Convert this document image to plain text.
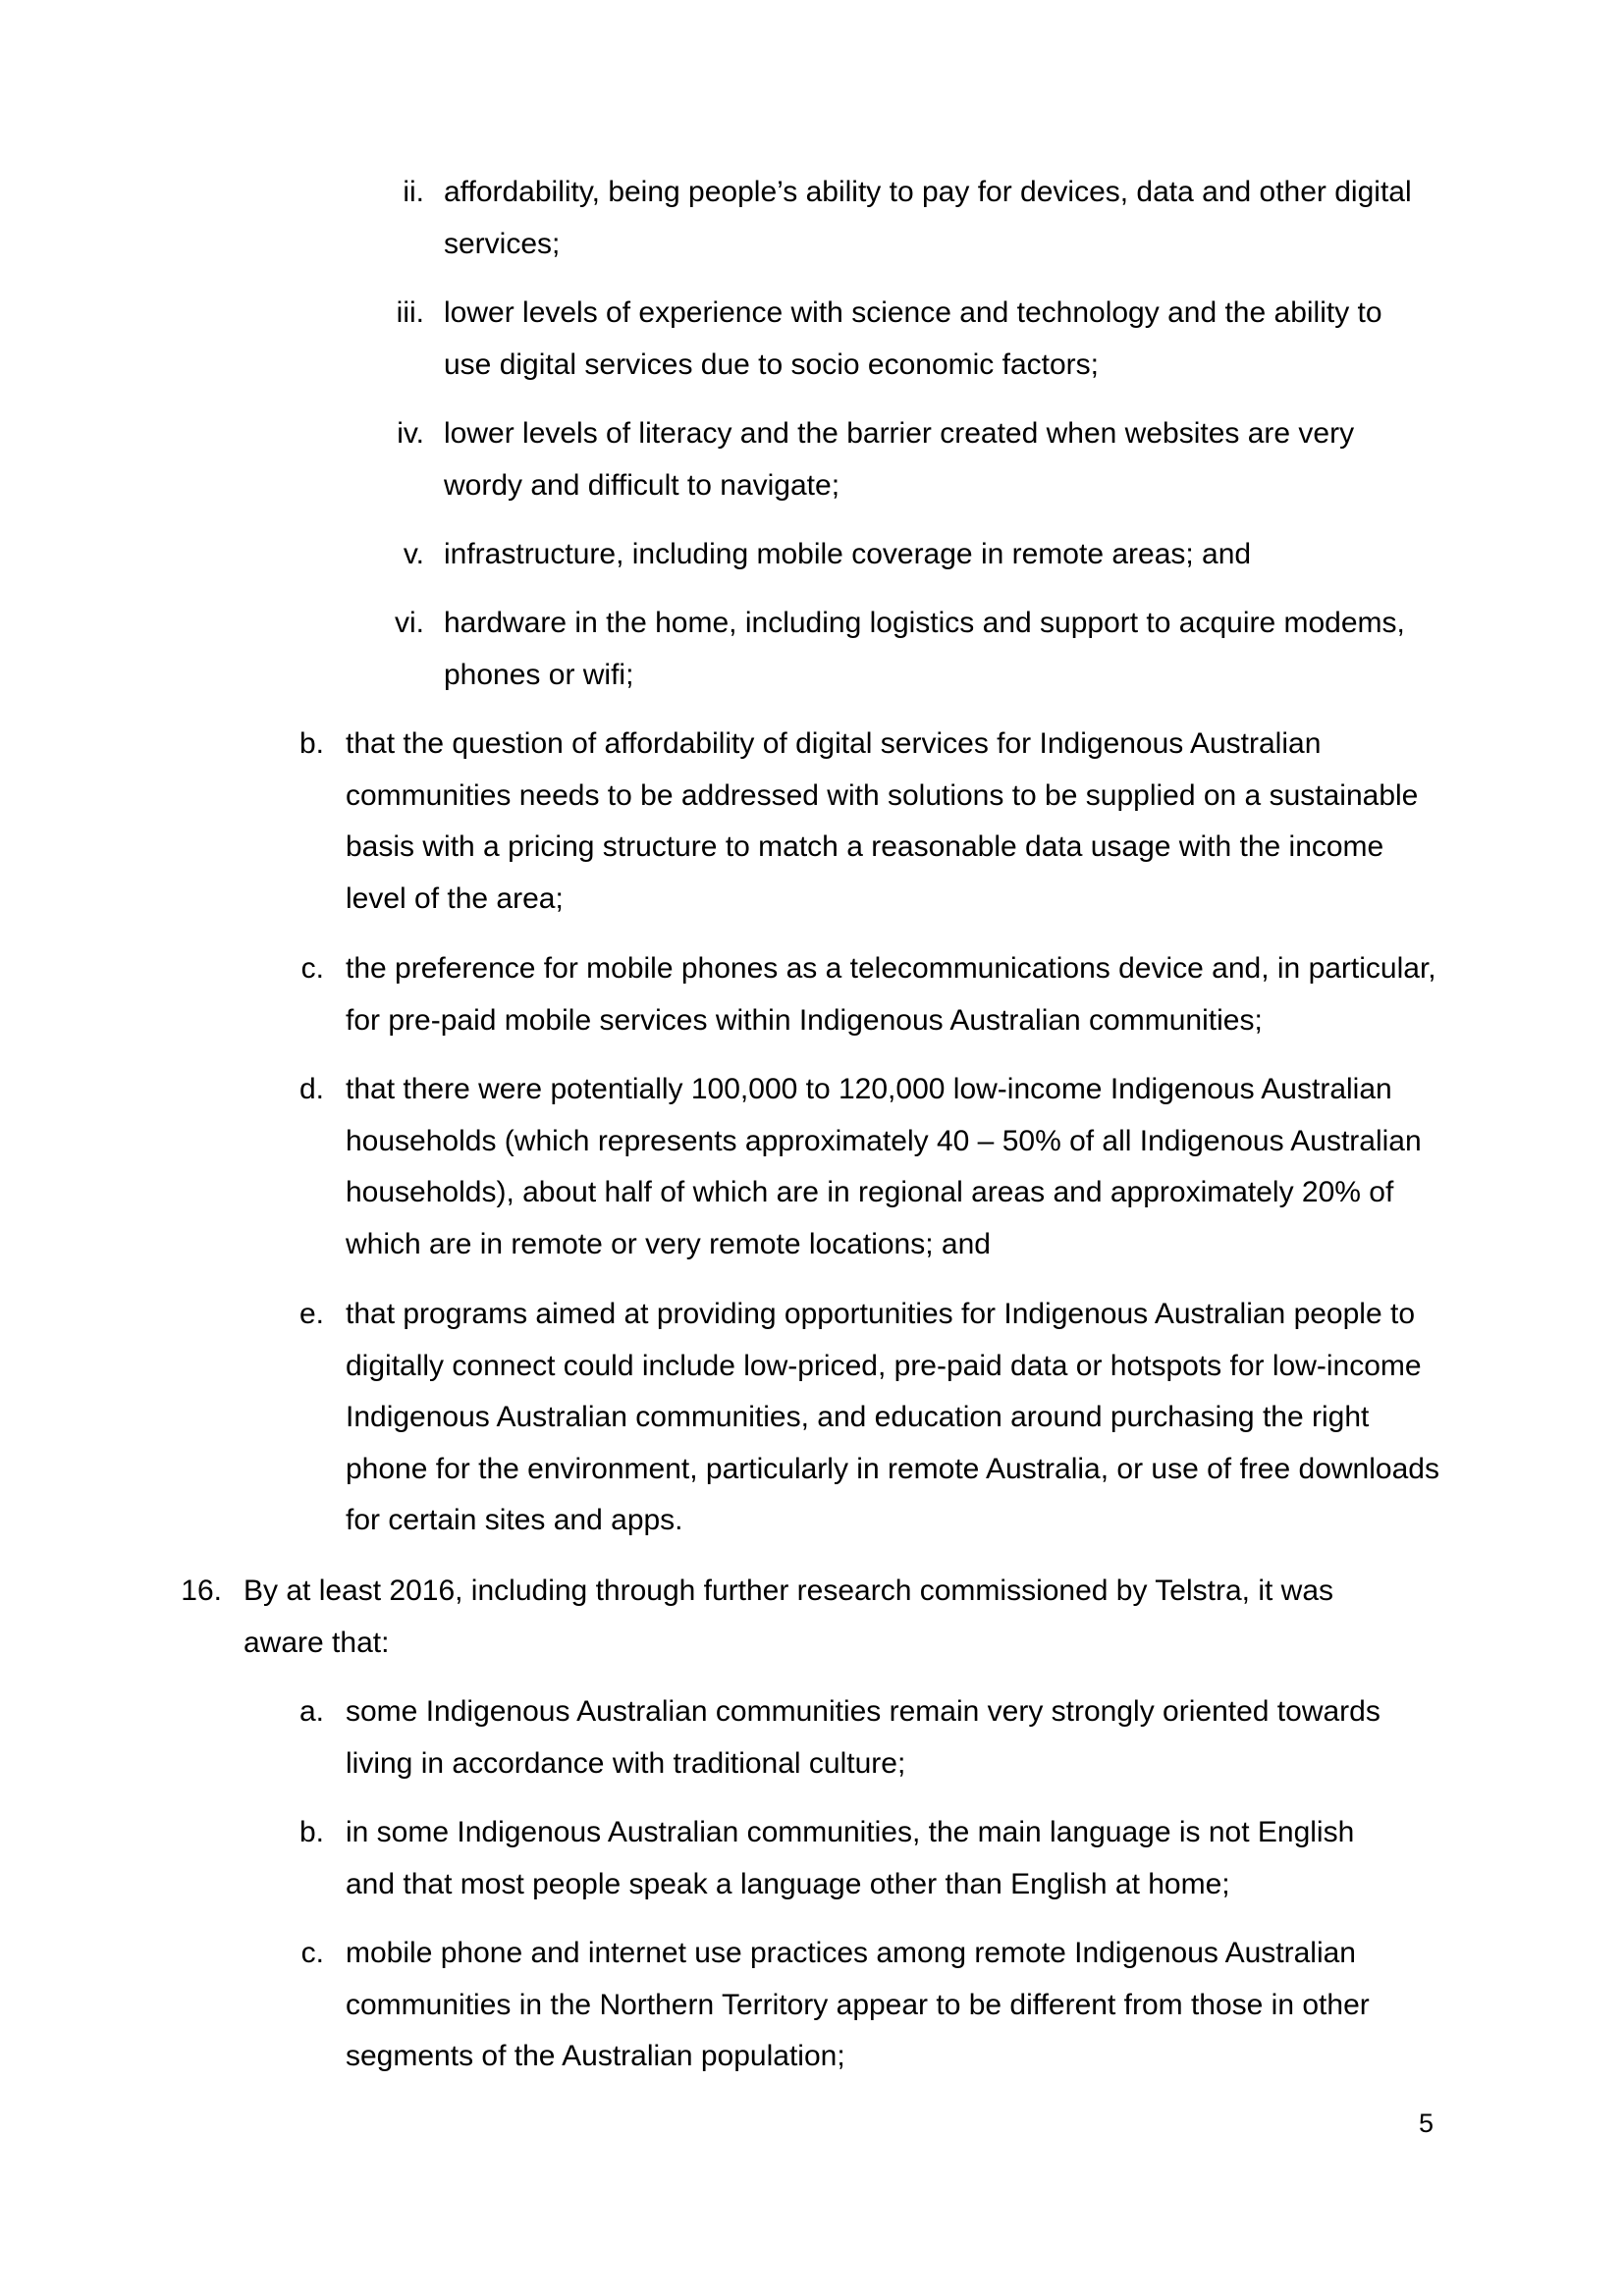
ii. affordability, being people’s ability to pay for devices, data and other digital services;
iii. lower levels of experience with science and technology and the ability to use digital services due to socio economic factors;
iv. lower levels of literacy and the barrier created when websites are very wordy and difficult to navigate;
v. infrastructure, including mobile coverage in remote areas; and
vi. hardware in the home, including logistics and support to acquire modems, phones or wifi;
b. that the question of affordability of digital services for Indigenous Australian communities needs to be addressed with solutions to be supplied on a sustainable basis with a pricing structure to match a reasonable data usage with the income level of the area;
c. the preference for mobile phones as a telecommunications device and, in particular, for pre-paid mobile services within Indigenous Australian communities;
d. that there were potentially 100,000 to 120,000 low-income Indigenous Australian households (which represents approximately 40 – 50% of all Indigenous Australian households), about half of which are in regional areas and approximately 20% of which are in remote or very remote locations; and
e. that programs aimed at providing opportunities for Indigenous Australian people to digitally connect could include low-priced, pre-paid data or hotspots for low-income Indigenous Australian communities, and education around purchasing the right phone for the environment, particularly in remote Australia, or use of free downloads for certain sites and apps.
16. By at least 2016, including through further research commissioned by Telstra, it was aware that:
a. some Indigenous Australian communities remain very strongly oriented towards living in accordance with traditional culture;
b. in some Indigenous Australian communities, the main language is not English and that most people speak a language other than English at home;
c. mobile phone and internet use practices among remote Indigenous Australian communities in the Northern Territory appear to be different from those in other segments of the Australian population;
5
